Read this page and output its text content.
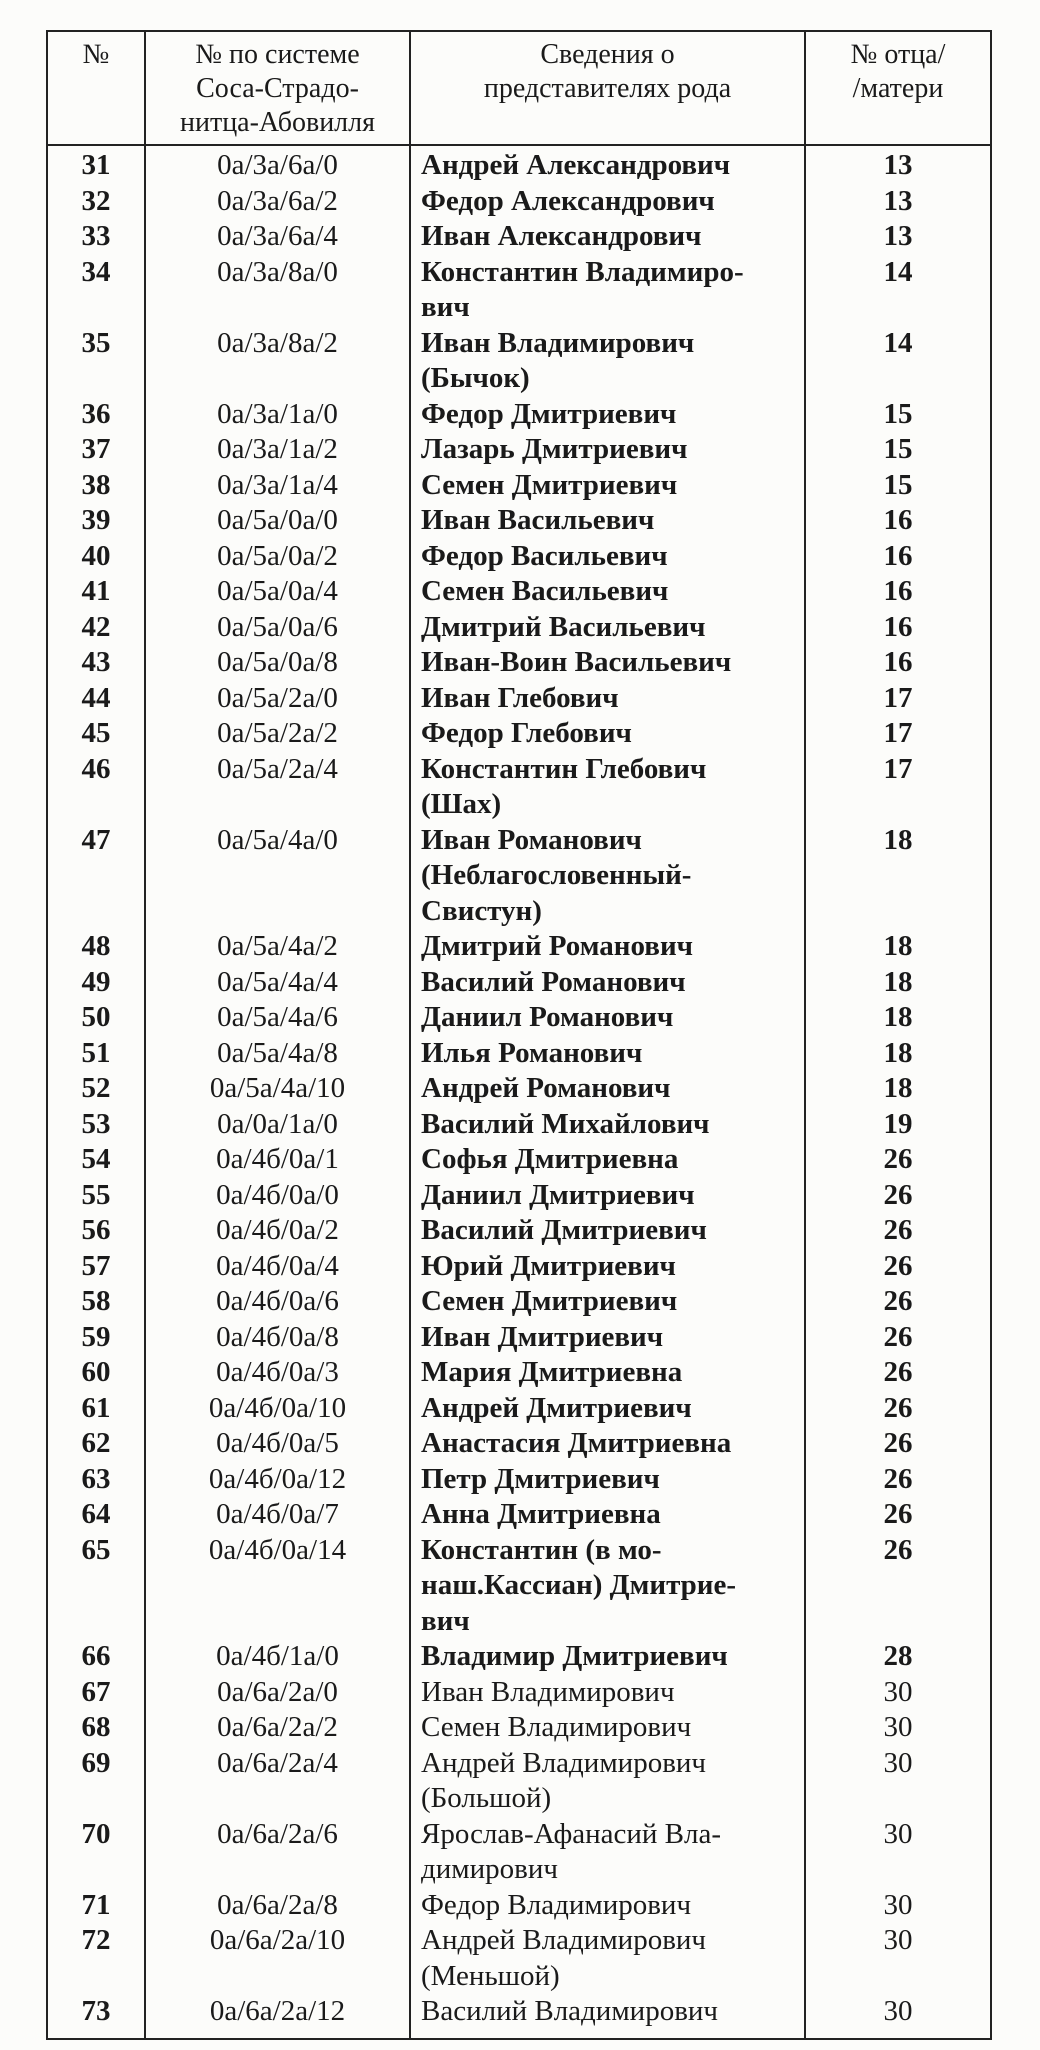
№	№ по системе
Соса-Страдо-
нитца-Абовилля	Сведения о
представителях рода	№ отца/
/матери
31	0a/3a/6a/0	Андрей Александрович	13
32	0a/3a/6a/2	Федор Александрович	13
33	0a/3a/6a/4	Иван Александрович	13
34	0a/3a/8a/0	Константин Владимиро-
вич	14
35	0a/3a/8a/2	Иван Владимирович
(Бычок)	14
36	0a/3a/1a/0	Федор Дмитриевич	15
37	0a/3a/1a/2	Лазарь Дмитриевич	15
38	0a/3a/1a/4	Семен Дмитриевич	15
39	0a/5a/0a/0	Иван Васильевич	16
40	0a/5a/0a/2	Федор Васильевич	16
41	0a/5a/0a/4	Семен Васильевич	16
42	0a/5a/0a/6	Дмитрий Васильевич	16
43	0a/5a/0a/8	Иван-Воин Васильевич	16
44	0a/5a/2a/0	Иван Глебович	17
45	0a/5a/2a/2	Федор Глебович	17
46	0a/5a/2a/4	Константин Глебович
(Шах)	17
47	0a/5a/4a/0	Иван Романович
(Неблагословенный-
Свистун)	18
48	0a/5a/4a/2	Дмитрий Романович	18
49	0a/5a/4a/4	Василий Романович	18
50	0a/5a/4a/6	Даниил Романович	18
51	0a/5a/4a/8	Илья Романович	18
52	0a/5a/4a/10	Андрей Романович	18
53	0a/0a/1a/0	Василий Михайлович	19
54	0a/4б/0a/1	Софья Дмитриевна	26
55	0a/4б/0a/0	Даниил Дмитриевич	26
56	0a/4б/0a/2	Василий Дмитриевич	26
57	0a/4б/0a/4	Юрий Дмитриевич	26
58	0a/4б/0a/6	Семен Дмитриевич	26
59	0a/4б/0a/8	Иван Дмитриевич	26
60	0a/4б/0a/3	Мария Дмитриевна	26
61	0a/4б/0a/10	Андрей Дмитриевич	26
62	0a/4б/0a/5	Анастасия Дмитриевна	26
63	0a/4б/0a/12	Петр Дмитриевич	26
64	0a/4б/0a/7	Анна Дмитриевна	26
65	0a/4б/0a/14	Константин (в мо-
наш.Кассиан) Дмитрие-
вич	26
66	0a/4б/1a/0	Владимир Дмитриевич	28
67	0a/6a/2a/0	Иван Владимирович	30
68	0a/6a/2a/2	Семен Владимирович	30
69	0a/6a/2a/4	Андрей Владимирович
(Большой)	30
70	0a/6a/2a/6	Ярослав-Афанасий Вла-
димирович	30
71	0a/6a/2a/8	Федор Владимирович	30
72	0a/6a/2a/10	Андрей Владимирович
(Меньшой)	30
73	0a/6a/2a/12	Василий Владимирович	30
